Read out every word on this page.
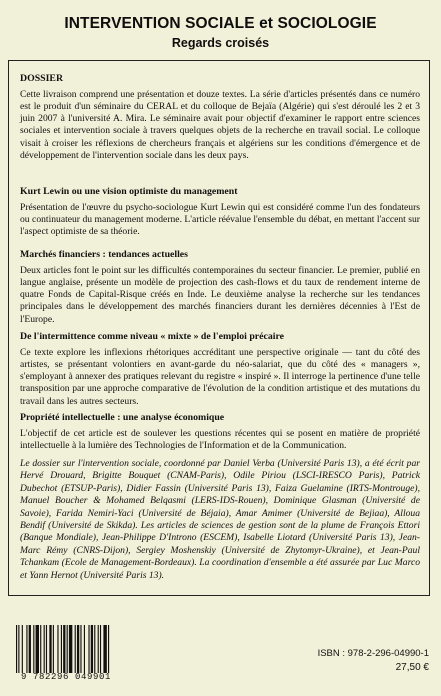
INTERVENTION SOCIALE et SOCIOLOGIE
Regards croisés
DOSSIER

Cette livraison comprend une présentation et douze textes. La série d'articles présentés dans ce numéro est le produit d'un séminaire du CERAL et du colloque de Bejaïa (Algérie) qui s'est déroulé les 2 et 3 juin 2007 à l'université A. Mira. Le séminaire avait pour objectif d'examiner le rapport entre sciences sociales et intervention sociale à travers quelques objets de la recherche en travail social. Le colloque visait à croiser les réflexions de chercheurs français et algériens sur les conditions d'émergence et de développement de l'intervention sociale dans les deux pays.

Kurt Lewin ou une vision optimiste du management

Présentation de l'œuvre du psycho-sociologue Kurt Lewin qui est considéré comme l'un des fondateurs ou continuateur du management moderne. L'article réévalue l'ensemble du débat, en mettant l'accent sur l'aspect optimiste de sa théorie.

Marchés financiers : tendances actuelles

Deux articles font le point sur les difficultés contemporaines du secteur financier. Le premier, publié en langue anglaise, présente un modèle de projection des cash-flows et du taux de rendement interne de quatre Fonds de Capital-Risque créés en Inde. Le deuxième analyse la recherche sur les tendances principales dans le développement des marchés financiers durant les dernières décennies à l'Est de l'Europe.

De l'intermittence comme niveau « mixte » de l'emploi précaire

Ce texte explore les inflexions rhétoriques accréditant une perspective originale — tant du côté des artistes, se présentant volontiers en avant-garde du néo-salariat, que du côté des « managers », s'employant à annexer des pratiques relevant du registre « inspiré ». Il interroge la pertinence d'une telle transposition par une approche comparative de l'évolution de la condition artistique et des mutations du travail dans les autres secteurs.

Propriété intellectuelle : une analyse économique

L'objectif de cet article est de soulever les questions récentes qui se posent en matière de propriété intellectuelle à la lumière des Technologies de l'Information et de la Communication.

Le dossier sur l'intervention sociale, coordonné par Daniel Verba (Université Paris 13), a été écrit par Hervé Drouard, Brigitte Bouquet (CNAM-Paris), Odile Piriou (LSCI-IRESCO Paris), Patrick Dubechot (ETSUP-Paris), Didier Fassin (Université Paris 13), Faiza Guelamine (IRTS-Montrouge), Manuel Boucher & Mohamed Belqasmi (LERS-IDS-Rouen), Dominique Glasman (Université de Savoie), Farida Nemiri-Yaci (Université de Béjaia), Amar Amimer (Université de Bejiaa), Alloua Bendif (Université de Skikda). Les articles de sciences de gestion sont de la plume de François Ettori (Banque Mondiale), Jean-Philippe D'Introno (ESCEM), Isabelle Liotard (Université Paris 13), Jean-Marc Rémy (CNRS-Dijon), Sergiey Moshenskiy (Université de Zhytomyr-Ukraine), et Jean-Paul Tchankam (Ecole de Management-Bordeaux). La coordination d'ensemble a été assurée par Luc Marco et Yann Hernot (Université Paris 13).

9 782296 049901
ISBN : 978-2-296-04990-1
27,50 €
